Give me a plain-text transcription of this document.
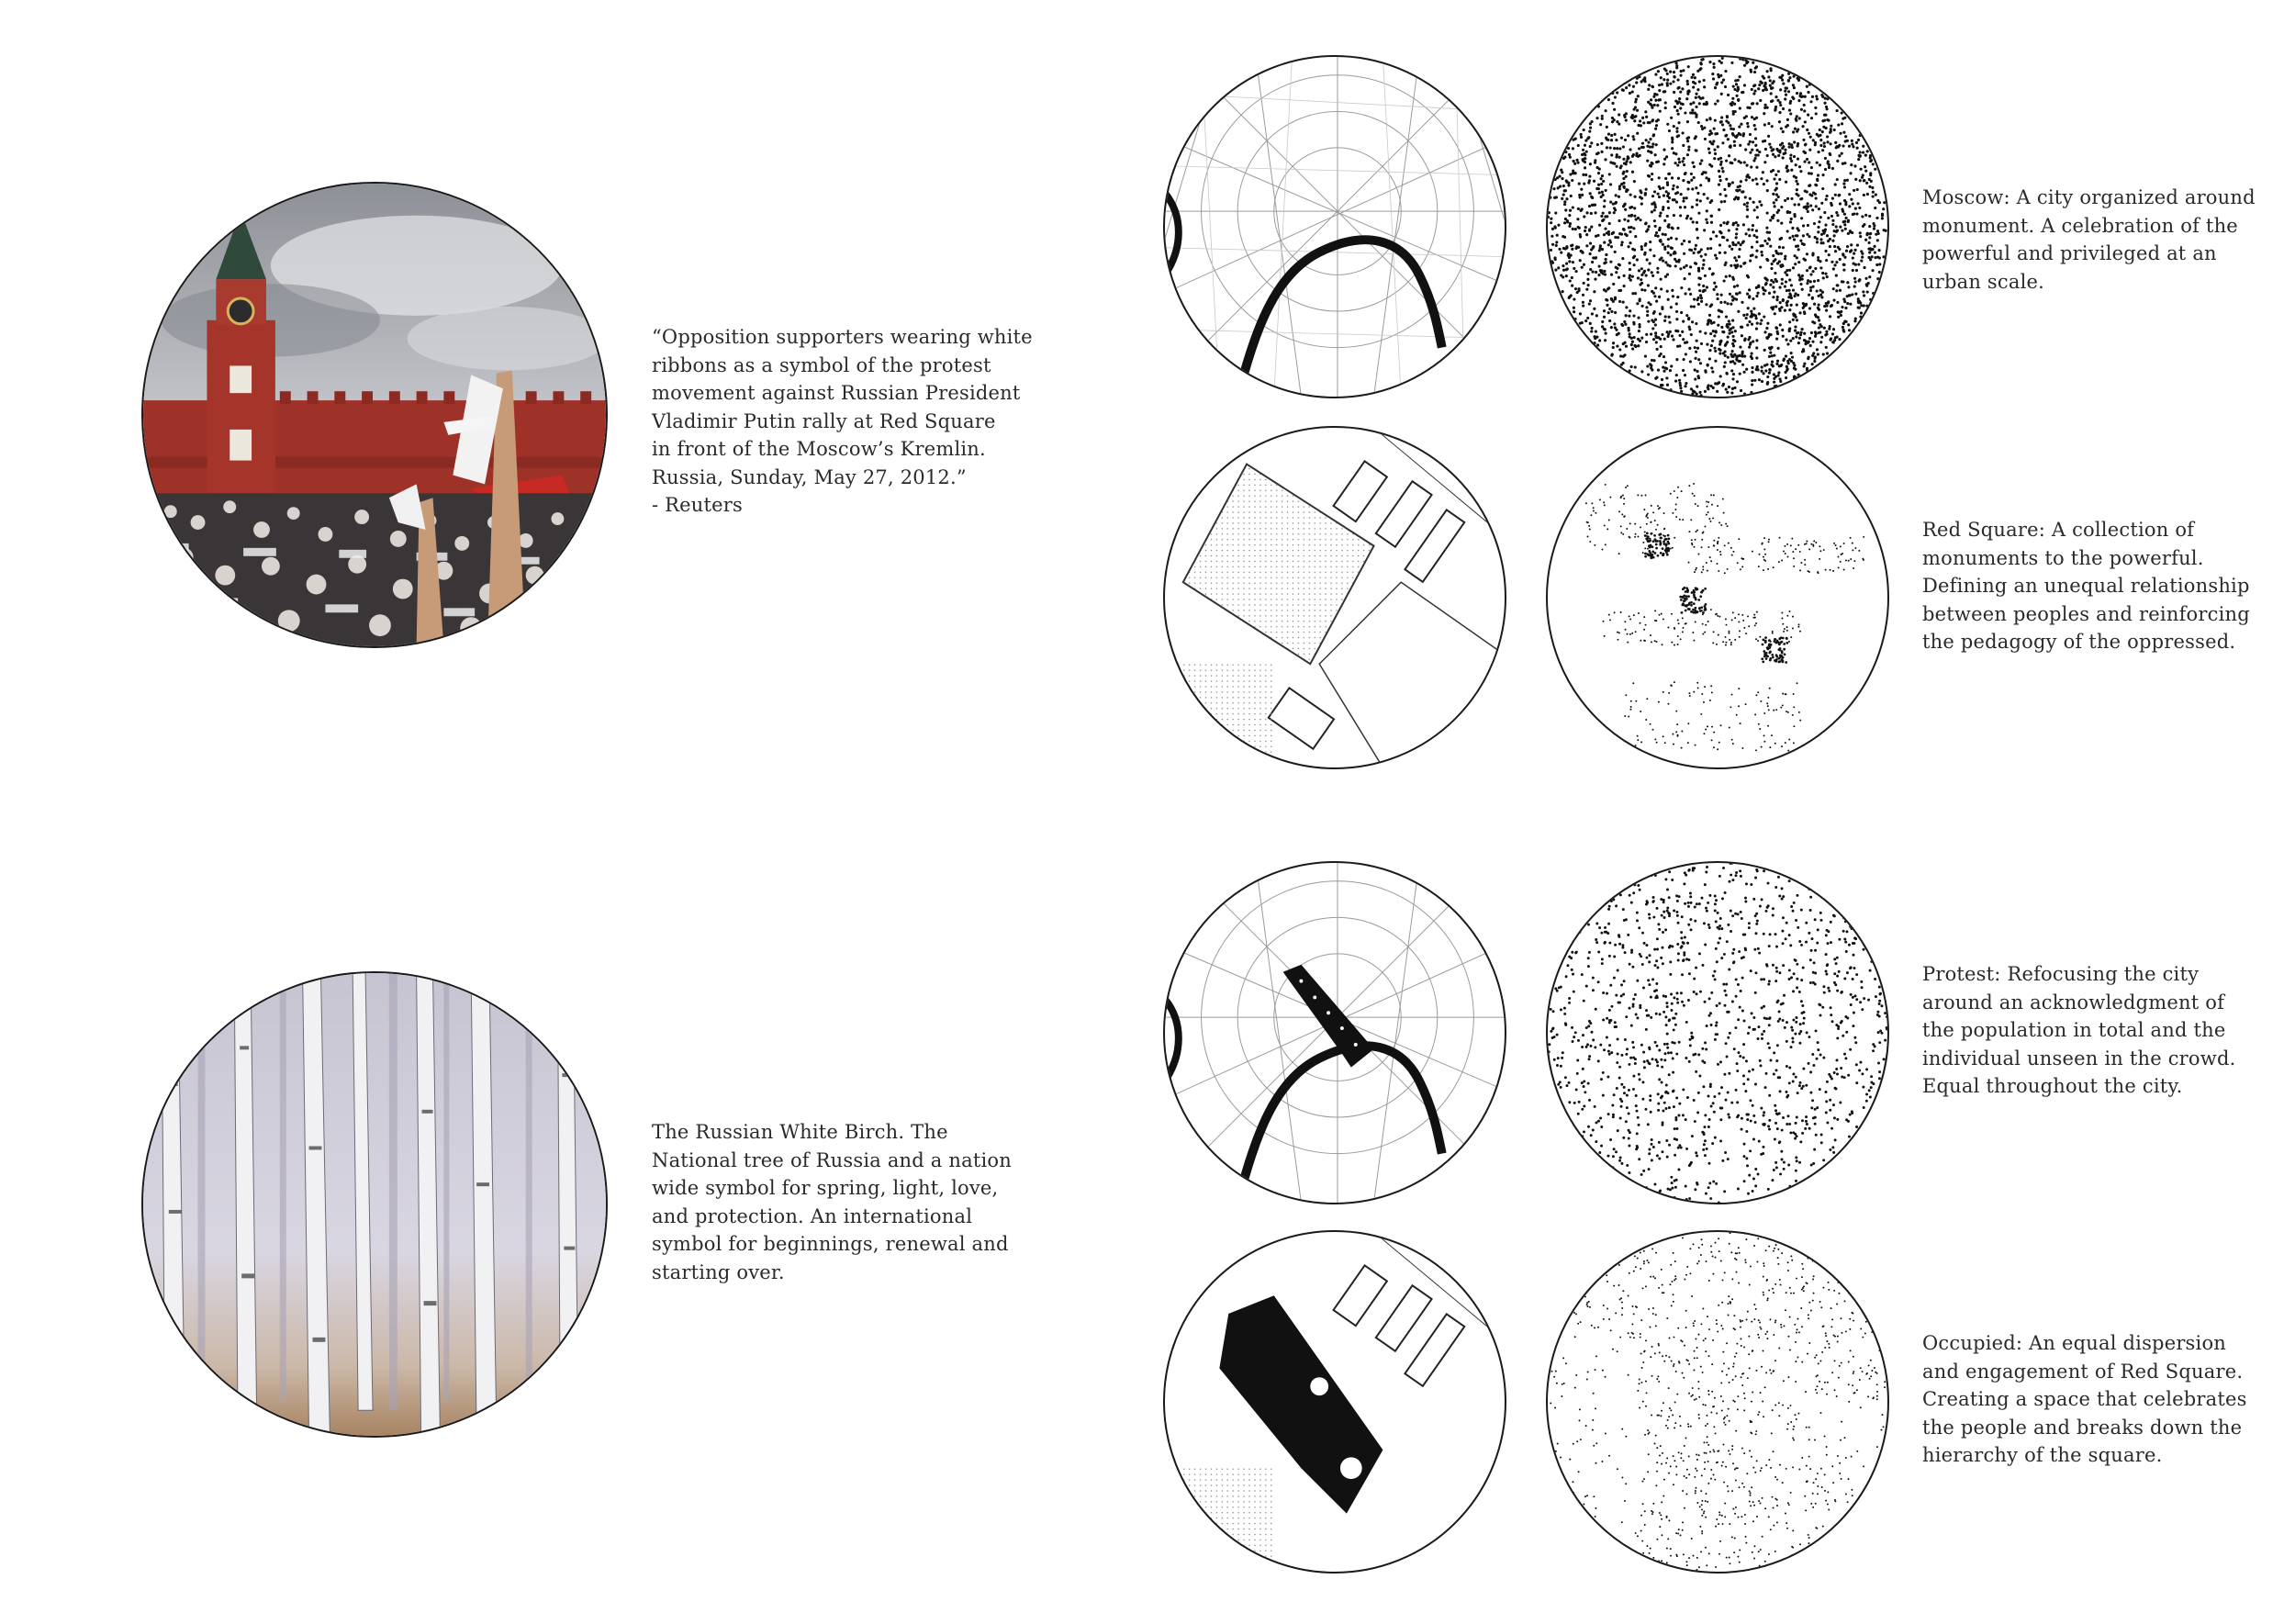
“Opposition supporters wearing white
ribbons as a symbol of the protest
movement against Russian President
Vladimir Putin rally at Red Square
in front of the Moscow’s Kremlin.
Russia, Sunday, May 27, 2012.”
- Reuters
The Russian White Birch. The
National tree of Russia and a nation
wide symbol for spring, light, love,
and protection. An international
symbol for beginnings, renewal and
starting over.
Moscow: A city organized around
monument. A celebration of the
powerful and privileged at an
urban scale.
Red Square: A collection of
monuments to the powerful.
Defining an unequal relationship
between peoples and reinforcing
the pedagogy of the oppressed.
Protest: Refocusing the city
around an acknowledgment of
the population in total and the
individual unseen in the crowd.
Equal throughout the city.
Occupied: An equal dispersion
and engagement of Red Square.
Creating a space that celebrates
the people and breaks down the
hierarchy of the square.
